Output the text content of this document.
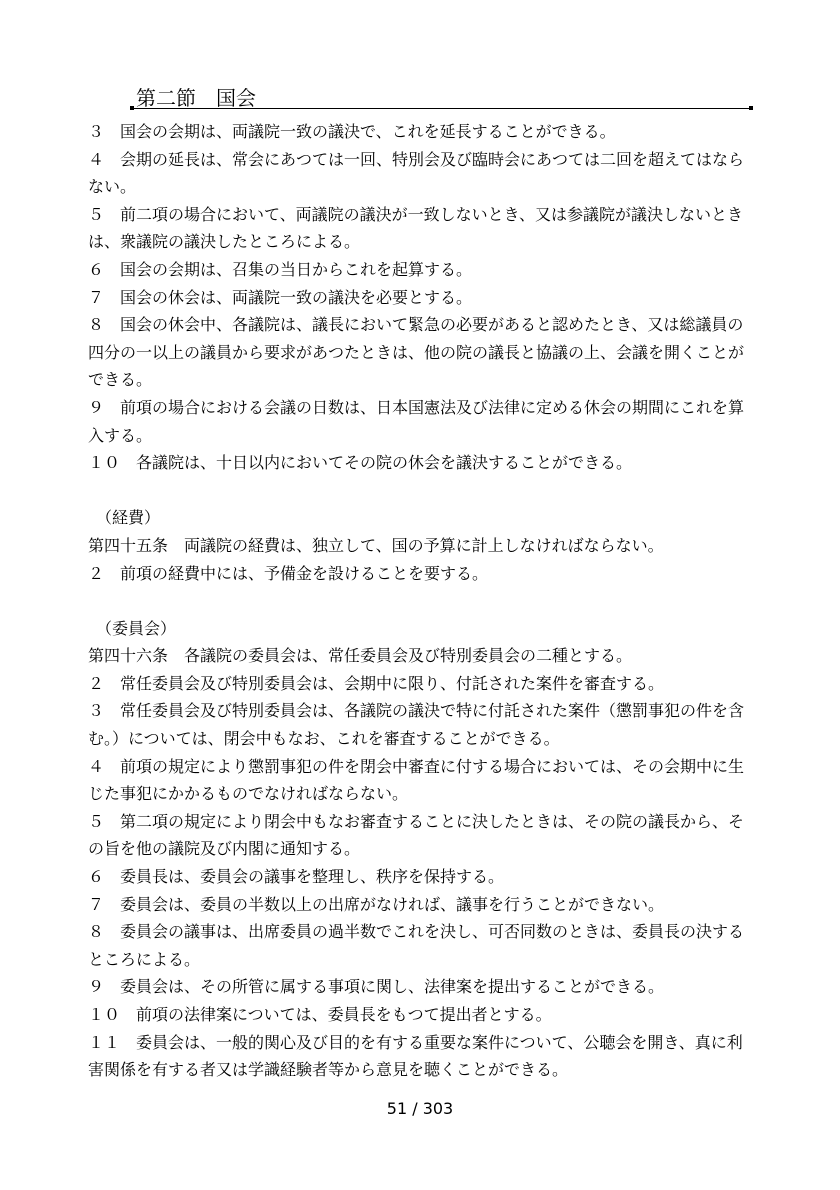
第二節　国会

３　国会の会期は、両議院一致の議決で、これを延長することができる。

４　会期の延長は、常会にあつては一回、特別会及び臨時会にあつては二回を超えてはならない。

５　前二項の場合において、両議院の議決が一致しないとき、又は参議院が議決しないときは、衆議院の議決したところによる。

６　国会の会期は、召集の当日からこれを起算する。

７　国会の休会は、両議院一致の議決を必要とする。

８　国会の休会中、各議院は、議長において緊急の必要があると認めたとき、又は総議員の四分の一以上の議員から要求があつたときは、他の院の議長と協議の上、会議を開くことができる。

９　前項の場合における会議の日数は、日本国憲法及び法律に定める休会の期間にこれを算入する。

１０　各議院は、十日以内においてその院の休会を議決することができる。

（経費）

第四十五条　両議院の経費は、独立して、国の予算に計上しなければならない。

２　前項の経費中には、予備金を設けることを要する。

（委員会）

第四十六条　各議院の委員会は、常任委員会及び特別委員会の二種とする。

２　常任委員会及び特別委員会は、会期中に限り、付託された案件を審査する。

３　常任委員会及び特別委員会は、各議院の議決で特に付託された案件（懲罰事犯の件を含む。）については、閉会中もなお、これを審査することができる。

４　前項の規定により懲罰事犯の件を閉会中審査に付する場合においては、その会期中に生じた事犯にかかるものでなければならない。

５　第二項の規定により閉会中もなお審査することに決したときは、その院の議長から、その旨を他の議院及び内閣に通知する。

６　委員長は、委員会の議事を整理し、秩序を保持する。

７　委員会は、委員の半数以上の出席がなければ、議事を行うことができない。

８　委員会の議事は、出席委員の過半数でこれを決し、可否同数のときは、委員長の決するところによる。

９　委員会は、その所管に属する事項に関し、法律案を提出することができる。

１０　前項の法律案については、委員長をもつて提出者とする。

１１　委員会は、一般的関心及び目的を有する重要な案件について、公聴会を開き、真に利害関係を有する者又は学識経験者等から意見を聴くことができる。

51 / 303
